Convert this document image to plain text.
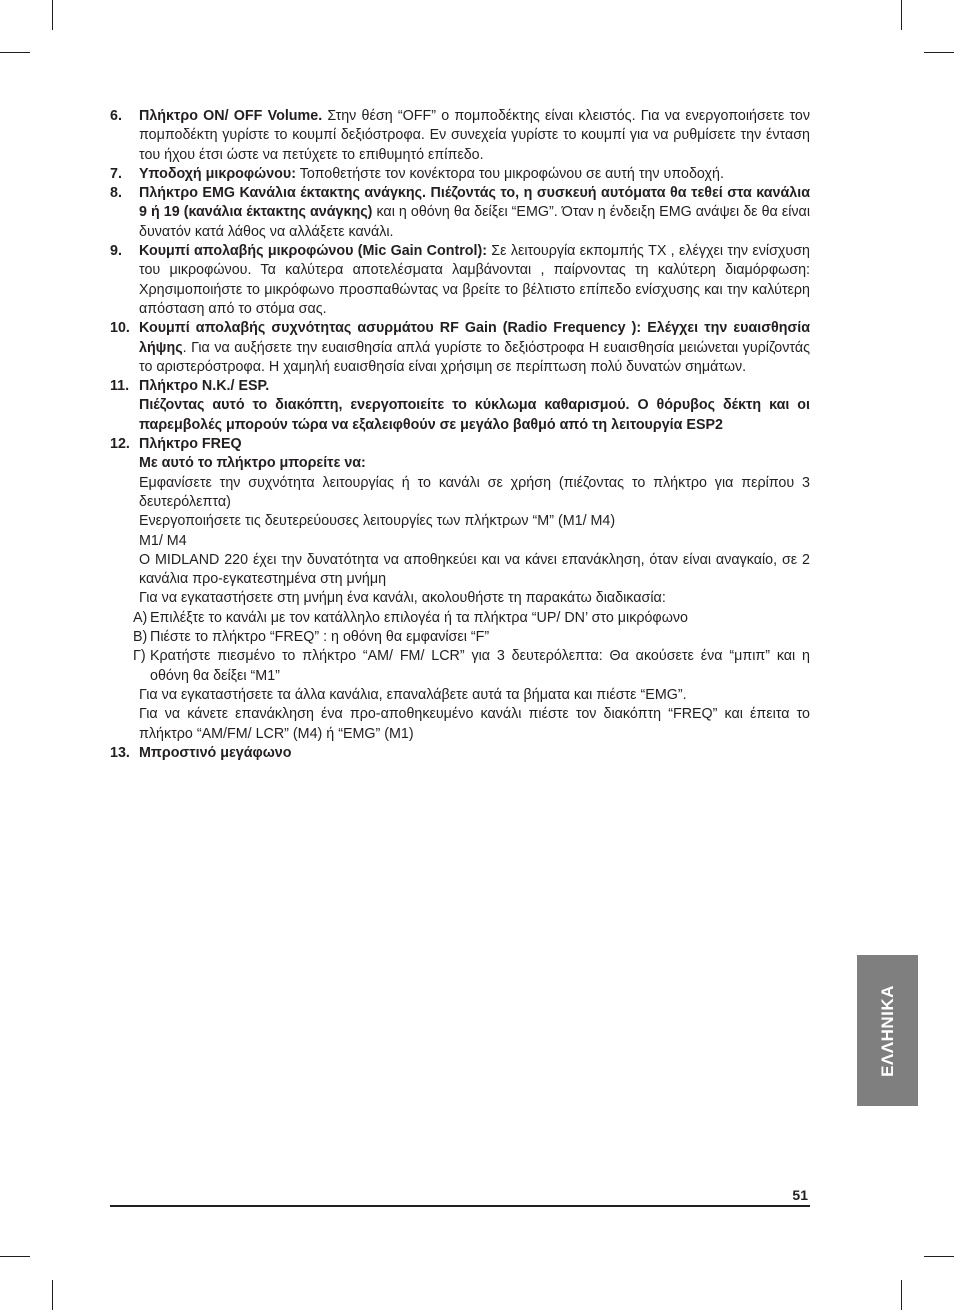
6. Πλήκτρο ON/ OFF Volume. Στην θέση “OFF” ο πομποδέκτης είναι κλειστός. Για να ενεργοποιήσετε τον πομποδέκτη γυρίστε το κουμπί δεξιόστροφα. Εν συνεχεία γυρίστε το κουμπί για να ρυθμίσετε την ένταση του ήχου έτσι ώστε να πετύχετε το επιθυμητό επίπεδο.
7. Υποδοχή μικροφώνου: Τοποθετήστε τον κονέκτορα του μικροφώνου σε αυτή την υποδοχή.
8. Πλήκτρο EMG Κανάλια έκτακτης ανάγκης. Πιέζοντάς το, η συσκευή αυτόματα θα τεθεί στα κανάλια 9 ή 19 (κανάλια έκτακτης ανάγκης) και η οθόνη θα δείξει “EMG”. Όταν η ένδειξη EMG ανάψει δε θα είναι δυνατόν κατά λάθος να αλλάξετε κανάλι.
9. Κουμπί απολαβής μικροφώνου (Mic Gain Control): Σε λειτουργία εκπομπής TX , ελέγχει την ενίσχυση του μικροφώνου. Τα καλύτερα αποτελέσματα λαμβάνονται , παίρνοντας τη καλύτερη διαμόρφωση: Χρησιμοποιήστε το μικρόφωνο προσπαθώντας να βρείτε το βέλτιστο επίπεδο ενίσχυσης και την καλύτερη απόσταση από το στόμα σας.
10. Κουμπί απολαβής συχνότητας ασυρμάτου RF Gain (Radio Frequency ): Ελέγχει την ευαισθησία λήψης. Για να αυξήσετε την ευαισθησία απλά γυρίστε το δεξιόστροφα Η ευαισθησία μειώνεται γυρίζοντάς το αριστερόστροφα. Η χαμηλή ευαισθησία είναι χρήσιμη σε περίπτωση πολύ δυνατών σημάτων.
11. Πλήκτρο N.K./ ESP.
Πιέζοντας αυτό το διακόπτη, ενεργοποιείτε το κύκλωμα καθαρισμού. Ο θόρυβος δέκτη και οι παρεμβολές μπορούν τώρα να εξαλειφθούν σε μεγάλο βαθμό από τη λειτουργία ESP2
12. Πλήκτρο FREQ
Με αυτό το πλήκτρο μπορείτε να:
Εμφανίσετε την συχνότητα λειτουργίας ή το κανάλι σε χρήση (πιέζοντας το πλήκτρο για περίπου 3 δευτερόλεπτα)
Ενεργοποιήσετε τις δευτερεύουσες λειτουργίες των πλήκτρων “M” (M1/ M4)
M1/ M4
O MIDLAND 220 έχει την δυνατότητα να αποθηκεύει και να κάνει επανάκληση, όταν είναι αναγκαίο, σε 2 κανάλια προ-εγκατεστημένα στη μνήμη
Για να εγκαταστήσετε στη μνήμη ένα κανάλι, ακολουθήστε τη παρακάτω διαδικασία:
A) Επιλέξτε το κανάλι με τον κατάλληλο επιλογέα ή τα πλήκτρα “UP/ DN’ στο μικρόφωνο
B) Πιέστε το πλήκτρο “FREQ” : η οθόνη θα εμφανίσει “F”
Γ) Κρατήστε πιεσμένο το πλήκτρο “AM/ FM/ LCR” για 3 δευτερόλεπτα: Θα ακούσετε ένα “μπιπ” και η οθόνη θα δείξει “M1”
Για να εγκαταστήσετε τα άλλα κανάλια, επαναλάβετε αυτά τα βήματα και πιέστε “EMG”.
Για να κάνετε επανάκληση ένα προ-αποθηκευμένο κανάλι πιέστε τον διακόπτη “FREQ” και έπειτα το πλήκτρο “AM/FM/ LCR” (M4) ή “EMG” (M1)
13. Μπροστινό μεγάφωνο
ΕΛΛΗΝΙΚΑ
51
